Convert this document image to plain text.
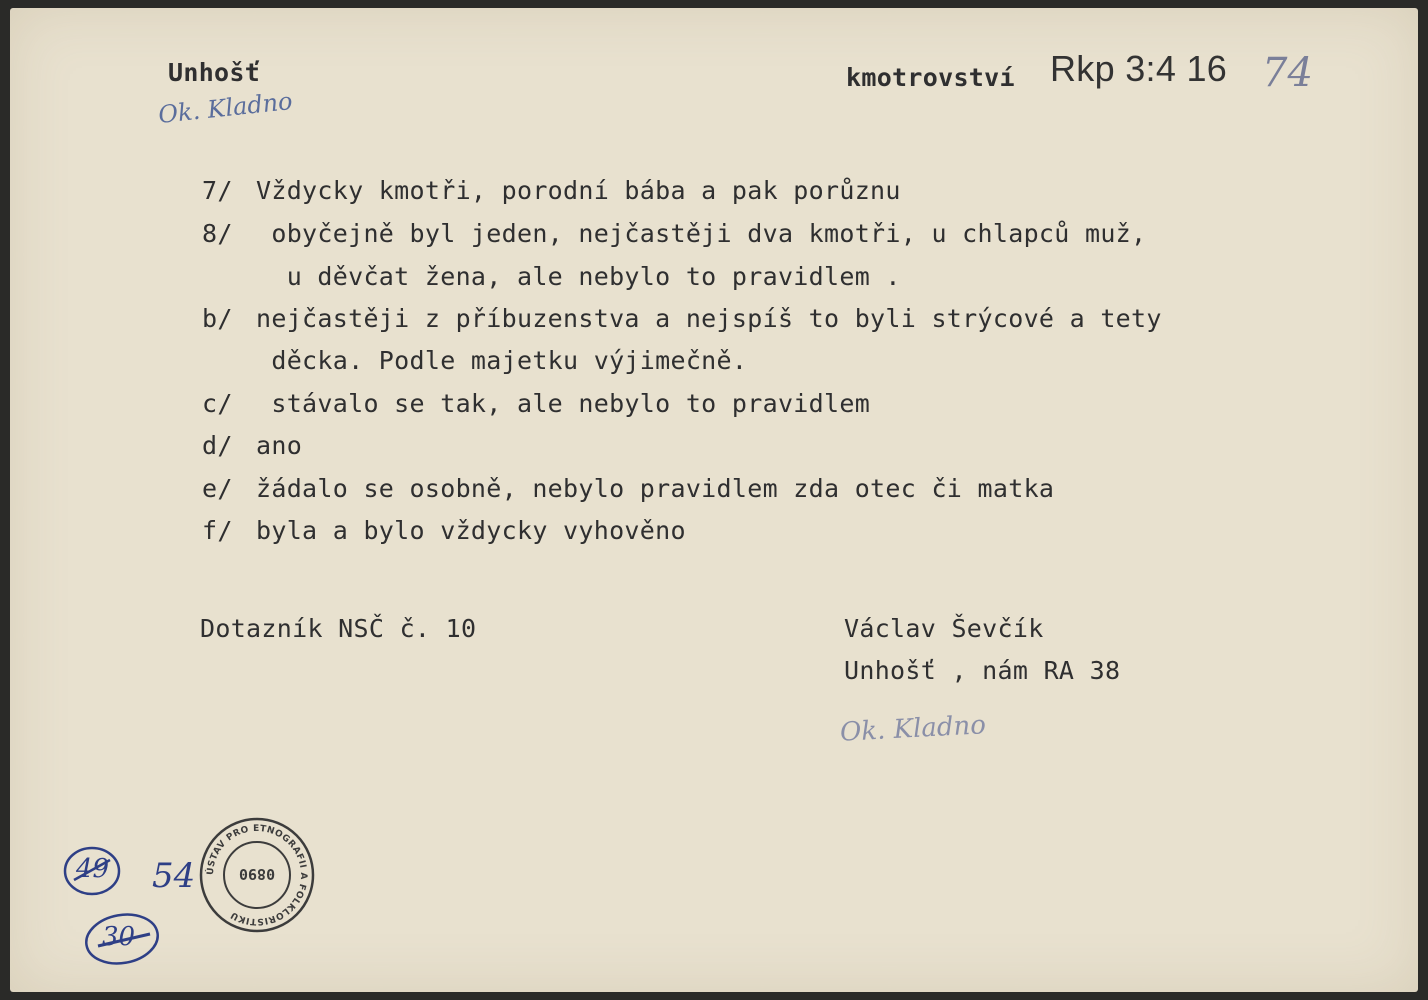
Unhošť
Ok. Kladno
kmotrovství Rkp 3:4 16 74
7/ Vždycky kmotři, porodní bába a pak porůznu
8/ obyčejně byl jeden, nejčastěji dva kmotři, u chlapců muž,
u děvčat žena, ale nebylo to pravidlem .
b/ nejčastěji z příbuzenstva a nejspíš to byli strýcové a tety
děcka. Podle majetku výjimečně.
c/ stávalo se tak, ale nebylo to pravidlem
d/ ano
e/ žádalo se osobně, nebylo pravidlem zda otec či matka
f/ byla a bylo vždycky vyhověno
Dotazník NSČ č. 10	Václav Ševčík
Unhošť , nám RA 38
Ok. Kladno
49
30
54 ÚSTAV PRO ETNOGRAFII A FOLKLORISTIKU
0890
